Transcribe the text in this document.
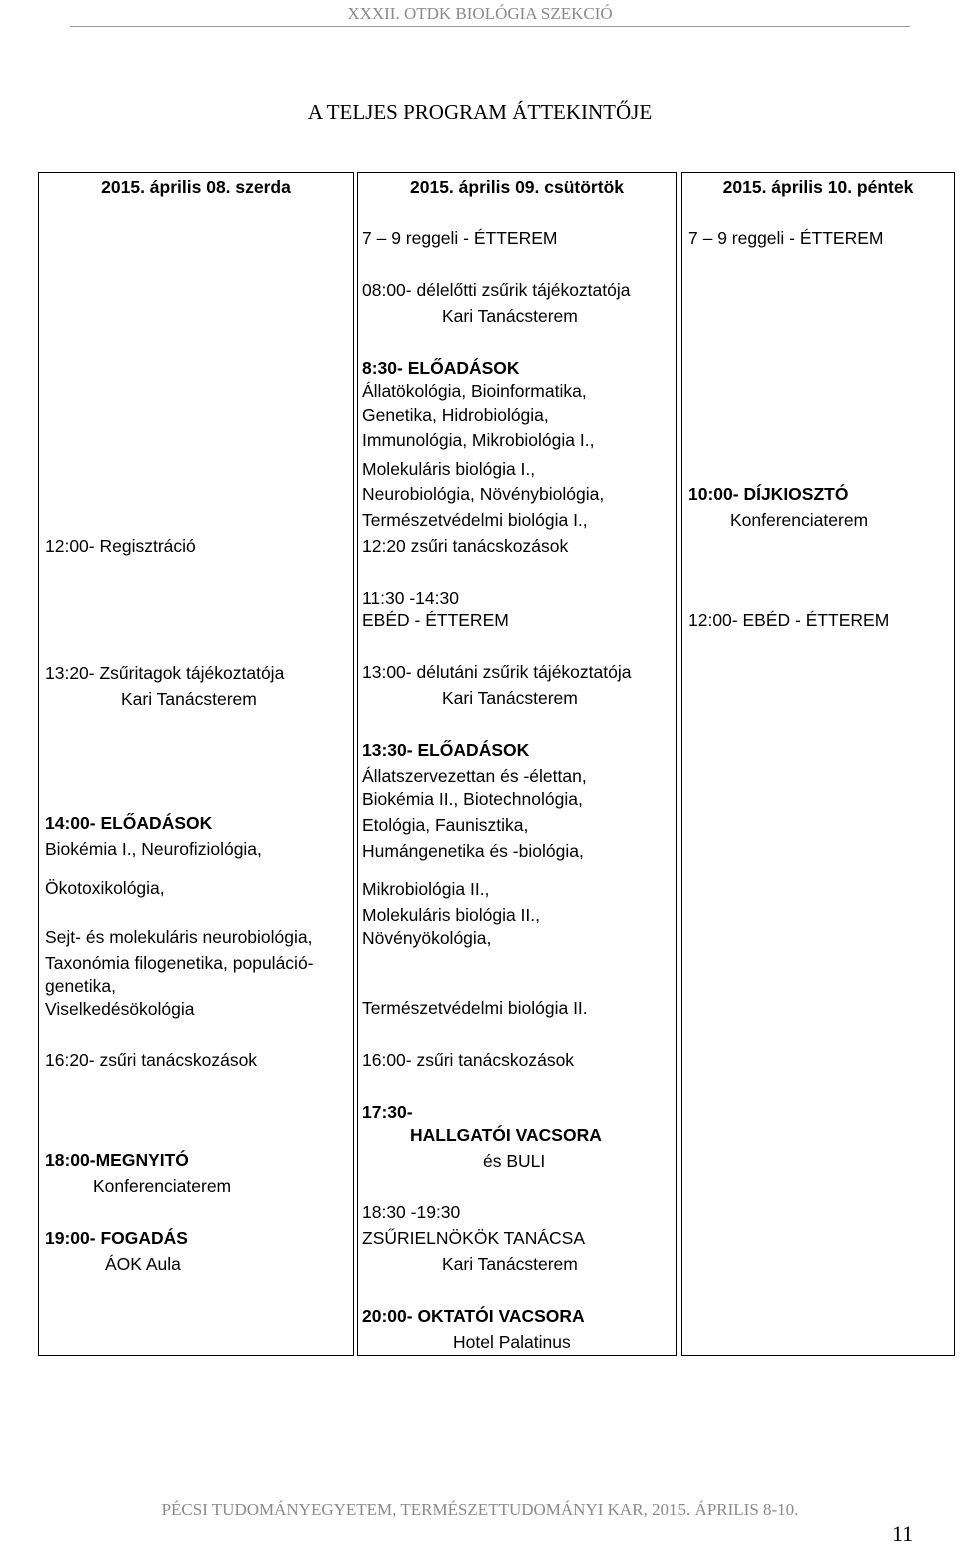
XXXII. OTDK BIOLÓGIA SZEKCIÓ
A TELJES PROGRAM ÁTTEKINTŐJE
2015. április 08. szerda
12:00- Regisztráció
13:20- Zsűritagok tájékoztatója
Kari Tanácsterem
14:00- ELŐADÁSOK
Biokémia I., Neurofiziológia,
Ökotoxikológia,
Sejt- és molekuláris neurobiológia,
Taxonómia filogenetika, populáció-
genetika,
Viselkedésökológia
16:20- zsűri tanácskozások
18:00-MEGNYITÓ
Konferenciaterem
19:00- FOGADÁS
ÁOK Aula
2015. április 09. csütörtök
7 – 9 reggeli - ÉTTEREM
08:00- délelőtti zsűrik tájékoztatója
Kari Tanácsterem
8:30- ELŐADÁSOK
Állatökológia, Bioinformatika,
Genetika, Hidrobiológia,
Immunológia, Mikrobiológia I.,
Molekuláris biológia I.,
Neurobiológia, Növénybiológia,
Természetvédelmi biológia I.,
12:20 zsűri tanácskozások
11:30 -14:30
EBÉD - ÉTTEREM
13:00- délutáni zsűrik tájékoztatója
Kari Tanácsterem
13:30- ELŐADÁSOK
Állatszervezettan és -élettan,
Biokémia II., Biotechnológia,
Etológia, Faunisztika,
Humángenetika és -biológia,
Mikrobiológia II.,
Molekuláris biológia II.,
Növényökológia,
Természetvédelmi biológia II.
16:00- zsűri tanácskozások
17:30-
HALLGATÓI VACSORA
és BULI
18:30 -19:30
ZSŰRIELNÖKÖK TANÁCSA
Kari Tanácsterem
20:00- OKTATÓI VACSORA
Hotel Palatinus
2015. április 10. péntek
7 – 9 reggeli - ÉTTEREM
10:00- DÍJKIOSZTÓ
Konferenciaterem
12:00- EBÉD - ÉTTEREM
PÉCSI TUDOMÁNYEGYETEM, TERMÉSZETTUDOMÁNYI KAR, 2015. ÁPRILIS 8-10.
11
